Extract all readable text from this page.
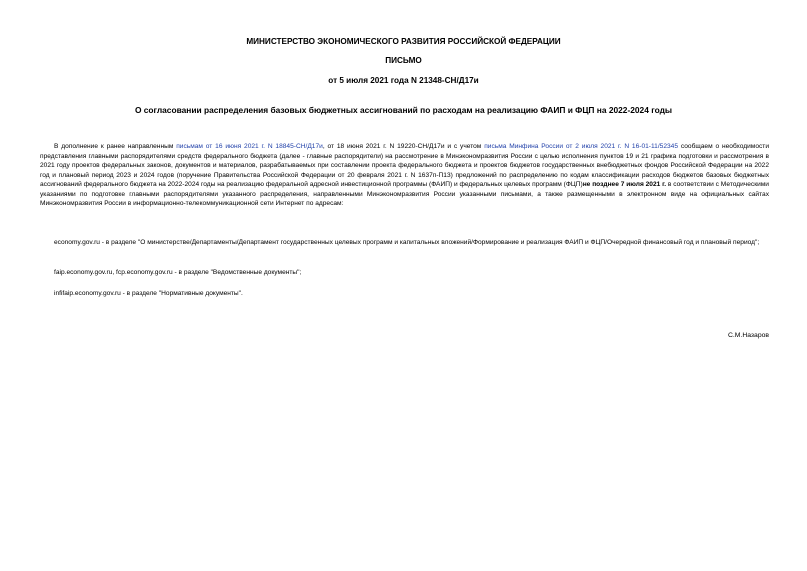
МИНИСТЕРСТВО ЭКОНОМИЧЕСКОГО РАЗВИТИЯ РОССИЙСКОЙ ФЕДЕРАЦИИ
ПИСЬМО
от 5 июля 2021 года N 21348-СН/Д17и
О согласовании распределения базовых бюджетных ассигнований по расходам на реализацию ФАИП и ФЦП на 2022-2024 годы
В дополнение к ранее направленным письмам от 16 июня 2021 г. N 18845-СН/Д17и, от 18 июня 2021 г. N 19220-СН/Д17и и с учетом письма Минфина России от 2 июля 2021 г. N 16-01-11/52345 сообщаем о необходимости представления главными распорядителями средств федерального бюджета (далее - главные распорядители) на рассмотрение в Минэкономразвития России с целью исполнения пунктов 19 и 21 графика подготовки и рассмотрения в 2021 году проектов федеральных законов, документов и материалов, разрабатываемых при составлении проекта федерального бюджета и проектов бюджетов государственных внебюджетных фондов Российской Федерации на 2022 год и плановый период 2023 и 2024 годов (поручение Правительства Российской Федерации от 20 февраля 2021 г. N 1637п-П13) предложений по распределению по кодам классификации расходов бюджетов базовых бюджетных ассигнований федерального бюджета на 2022-2024 годы на реализацию федеральной адресной инвестиционной программы (ФАИП) и федеральных целевых программ (ФЦП)не позднее 7 июля 2021 г. в соответствии с Методическими указаниями по подготовке главными распорядителями указанного распределения, направленными Минэкономразвития России указанными письмами, а также размещенными в электронном виде на официальных сайтах Минэкономразвития России в информационно-телекоммуникационной сети Интернет по адресам:
economy.gov.ru - в разделе "О министерстве/Департаменты/Департамент государственных целевых программ и капитальных вложений/Формирование и реализация ФАИП и ФЦП/Очередной финансовый год и плановый период";
faip.economy.gov.ru, fcp.economy.gov.ru - в разделе "Ведомственные документы";
infifaip.economy.gov.ru - в разделе "Нормативные документы".
С.М.Назаров
